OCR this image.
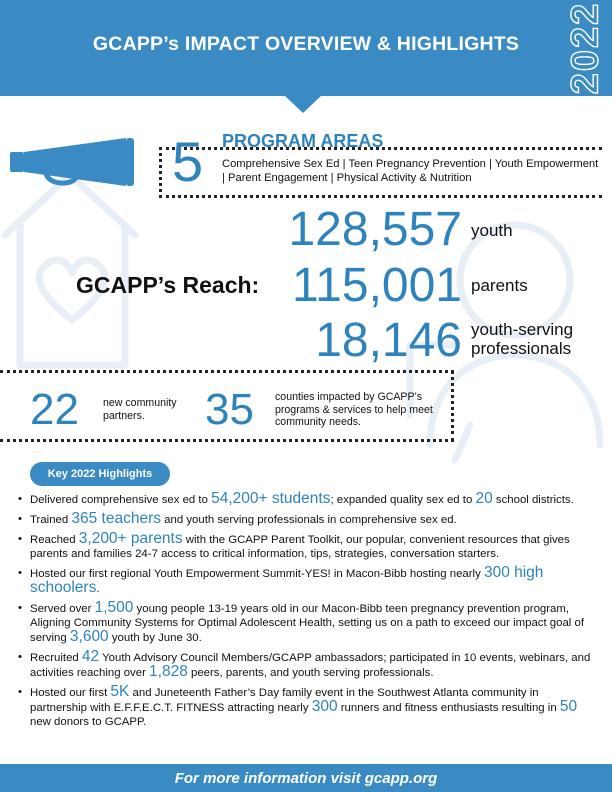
GCAPP’s IMPACT OVERVIEW & HIGHLIGHTS	2022
5 PROGRAM AREAS
Comprehensive Sex Ed | Teen Pregnancy Prevention | Youth Empowerment | Parent Engagement | Physical Activity & Nutrition
GCAPP’s Reach:
128,557 youth
115,001 parents
18,146 youth-serving professionals
22 new community partners.	35 counties impacted by GCAPP’s programs & services to help meet community needs.
Key 2022 Highlights
• Delivered comprehensive sex ed to 54,200+ students; expanded quality sex ed to 20 school districts.
• Trained 365 teachers and youth serving professionals in comprehensive sex ed.
• Reached 3,200+ parents with the GCAPP Parent Toolkit, our popular, convenient resources that gives parents and families 24-7 access to critical information, tips, strategies, conversation starters.
• Hosted our first regional Youth Empowerment Summit-YES! in Macon-Bibb hosting nearly 300 high schoolers.
• Served over 1,500 young people 13-19 years old in our Macon-Bibb teen pregnancy prevention program, Aligning Community Systems for Optimal Adolescent Health, setting us on a path to exceed our impact goal of serving 3,600 youth by June 30.
• Recruited 42 Youth Advisory Council Members/GCAPP ambassadors; participated in 10 events, webinars, and activities reaching over 1,828 peers, parents, and youth serving professionals.
• Hosted our first 5K and Juneteenth Father’s Day family event in the Southwest Atlanta community in partnership with E.F.F.E.C.T. FITNESS attracting nearly 300 runners and fitness enthusiasts resulting in 50 new donors to GCAPP.
For more information visit gcapp.org
